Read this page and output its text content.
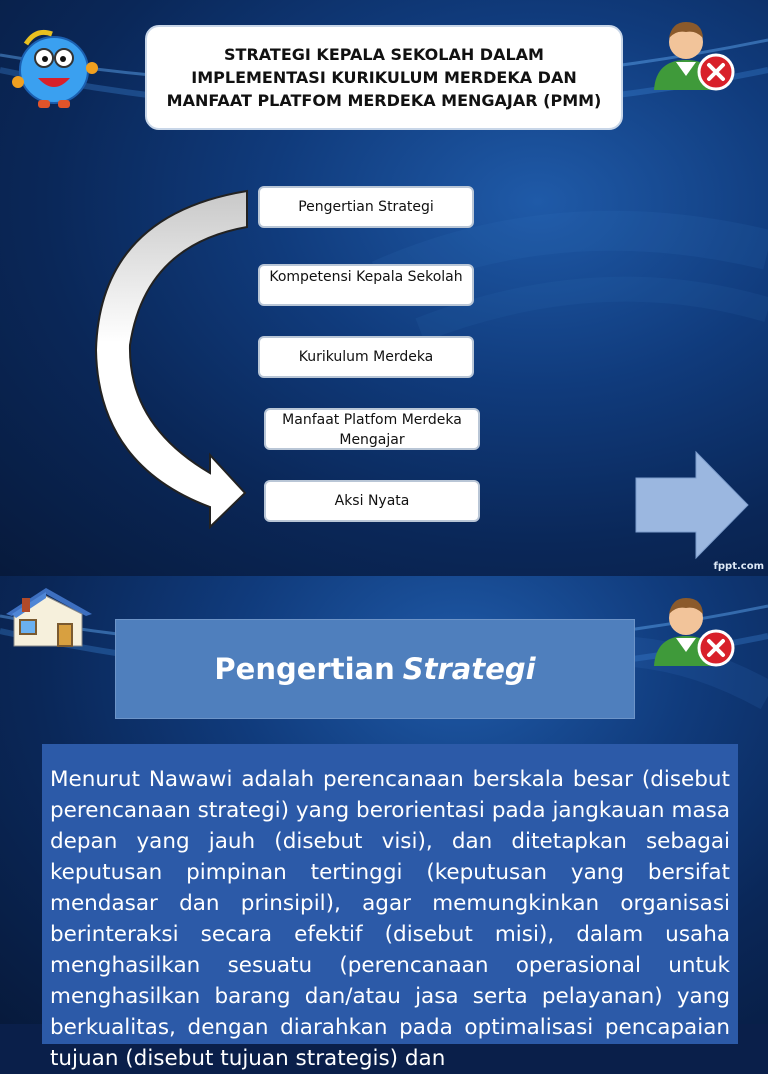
STRATEGI KEPALA SEKOLAH DALAM IMPLEMENTASI KURIKULUM MERDEKA DAN MANFAAT PLATFOM MERDEKA MENGAJAR (PMM)
Pengertian Strategi
Kompetensi Kepala Sekolah
Kurikulum Merdeka
Manfaat Platfom Merdeka Mengajar
Aksi Nyata
fppt.com
Pengertian Strategi
Menurut Nawawi adalah perencanaan berskala besar (disebut perencanaan strategi) yang berorientasi pada jangkauan masa depan yang jauh (disebut visi), dan ditetapkan sebagai keputusan pimpinan tertinggi (keputusan yang bersifat mendasar dan prinsipil), agar memungkinkan organisasi berinteraksi secara efektif (disebut misi), dalam usaha menghasilkan sesuatu (perencanaan operasional untuk menghasilkan barang dan/atau jasa serta pelayanan) yang berkualitas, dengan diarahkan pada optimalisasi pencapaian tujuan (disebut tujuan strategis) dan
